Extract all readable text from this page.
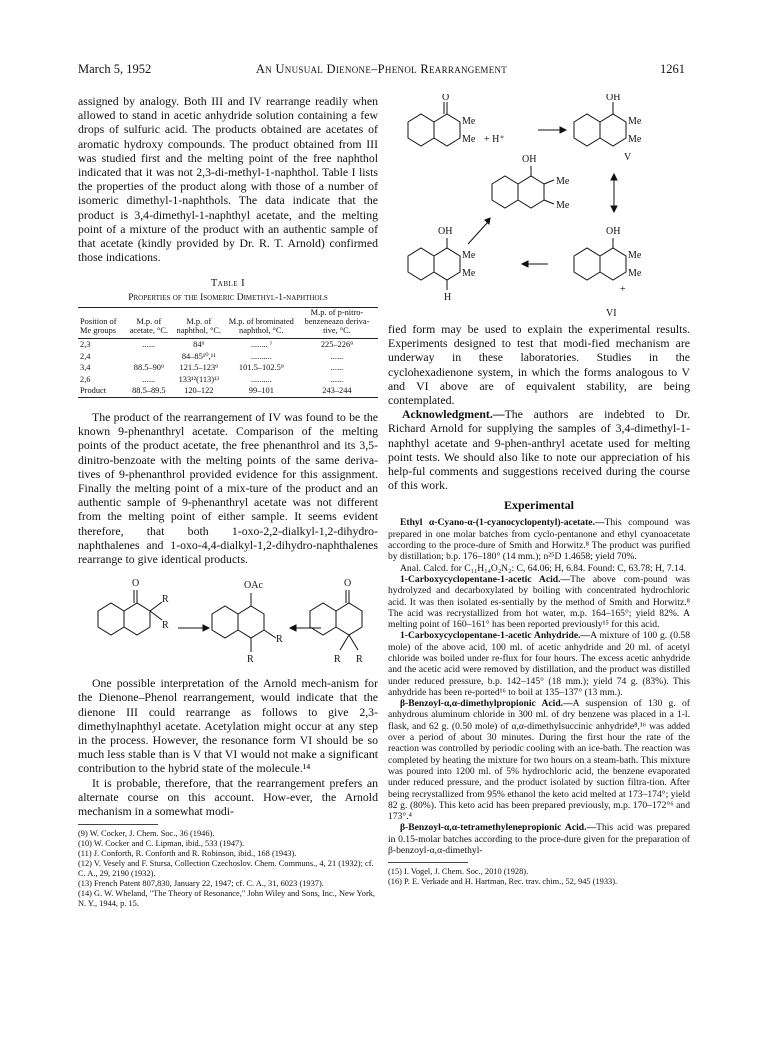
March 5, 1952	An Unusual Dienone–Phenol Rearrangement	1261

assigned by analogy. Both III and IV rearrange readily when allowed to stand in acetic anhydride solution containing a few drops of sulfuric acid. The products obtained are acetates of aromatic hydroxy compounds. The product obtained from III was studied first and the melting point of the free naphthol indicated that it was not 2,3-di-methyl-1-naphthol. Table I lists the properties of the product along with those of a number of isomeric dimethyl-1-naphthols. The data indicate that the product is 3,4-dimethyl-1-naphthyl acetate, and the melting point of a mixture of the product with an authentic sample of that acetate (kindly provided by Dr. R. T. Arnold) confirmed those indications.

Table I
Properties of the Isomeric Dimethyl-1-naphthols
Position of Me groups	M.p. of acetate, °C.	M.p. of naphthol, °C.	M.p. of brominated naphthol, °C.	M.p. of p-nitro-benzeneazo deriva-tive, °C.
2,3	......	84⁹	........ ⁾	225–226⁹
2,4		84–85¹⁰,¹¹	..........	......
3,4	88.5–90⁹	121.5–123⁹	101.5–102.5⁹	......
2,6	......	133¹²(113)¹³	..........	......
Product	88.5–89.5	120–122	99–101	243–244

The product of the rearrangement of IV was found to be the known 9-phenanthryl acetate. Comparison of the melting points of the product acetate, the free phenanthrol and its 3,5-dinitro-benzoate with the melting points of the same deriva-tives of 9-phenanthrol provided evidence for this assignment. Finally the melting point of a mix-ture of the product and an authentic sample of 9-phenanthryl acetate was not different from the melting point of either sample. It seems evident therefore, that both 1-oxo-2,2-dialkyl-1,2-dihydro-naphthalenes and 1-oxo-4,4-dialkyl-1,2-dihydro-naphthalenes rearrange to give identical products.

O
R
R
OAc
R
R
O
R R

One possible interpretation of the Arnold mech-anism for the Dienone–Phenol rearrangement, would indicate that the dienone III could rearrange as follows to give 2,3-dimethylnaphthyl acetate. Acetylation might occur at any step in the process. However, the resonance form VI should be so much less stable than is V that VI would not make a significant contribution to the hybrid state of the molecule.¹⁴

It is probable, therefore, that the rearrangement prefers an alternate course on this account. How-ever, the Arnold mechanism in a somewhat modi-

(9) W. Cocker, J. Chem. Soc., 36 (1946).

(10) W. Cocker and C. Lipman, ibid., 533 (1947).

(11) J. Conforth, R. Conforth and R. Robinson, ibid., 168 (1943).

(12) V. Vesely and F. Stursa, Collection Czechoslov. Chem. Communs., 4, 21 (1932); cf. C. A., 29, 2190 (1932).

(13) French Patent 807,830, January 22, 1947; cf. C. A., 31, 6023 (1937).

(14) G. W. Wheland, "The Theory of Resonance," John Wiley and Sons, Inc., New York, N. Y., 1944, p. 15.

O
Me
Me + H⁺
OH
Me
Me
V
OH
Me
Me
OH
Me
Me
H
OH
Me
Me
+
VI

fied form may be used to explain the experimental results. Experiments designed to test that modi-fied mechanism are underway in these laboratories. Studies in the cyclohexadienone system, in which the forms analogous to V and VI above are of equivalent stability, are being contemplated.

Acknowledgment.—The authors are indebted to Dr. Richard Arnold for supplying the samples of 3,4-dimethyl-1-naphthyl acetate and 9-phen-anthryl acetate used for melting point tests. We should also like to note our appreciation of his help-ful comments and suggestions received during the course of this work.

Experimental

Ethyl α-Cyano-α-(1-cyanocyclopentyl)-acetate.—This compound was prepared in one molar batches from cyclo-pentanone and ethyl cyanoacetate according to the proce-dure of Smith and Horwitz.⁸ The product was purified by distillation; b.p. 176–180° (14 mm.); n²⁵D 1.4658; yield 70%.

Anal. Calcd. for C₁₁H₁₄O₂N₂: C, 64.06; H, 6.84. Found: C, 63.78; H, 7.14.

1-Carboxycyclopentane-1-acetic Acid.—The above com-pound was hydrolyzed and decarboxylated by boiling with concentrated hydrochloric acid. It was then isolated es-sentially by the method of Smith and Horwitz.⁸ The acid was recrystallized from hot water, m.p. 164–165°; yield 82%. A melting point of 160–161° has been reported previously¹⁵ for this acid.

1-Carboxycyclopentane-1-acetic Anhydride.—A mixture of 100 g. (0.58 mole) of the above acid, 100 ml. of acetic anhydride and 20 ml. of acetyl chloride was boiled under re-flux for four hours. The excess acetic anhydride and the acetic acid were removed by distillation, and the product was distilled under reduced pressure, b.p. 142–145° (18 mm.); yield 74 g. (83%). This anhydride has been re-ported¹⁶ to boil at 135–137° (13 mm.).

β-Benzoyl-α,α-dimethylpropionic Acid.—A suspension of 130 g. of anhydrous aluminum chloride in 300 ml. of dry benzene was placed in a 1-l. flask, and 62 g. (0.50 mole) of α,α-dimethylsuccinic anhydride⁸,¹⁶ was added over a period of about 30 minutes. During the first hour the rate of the reaction was controlled by periodic cooling with an ice-bath. The reaction was completed by heating the mixture for two hours on a steam-bath. This mixture was poured into 1200 ml. of 5% hydrochloric acid, the benzene evaporated under reduced pressure, and the product isolated by suction filtra-tion. After being recrystallized from 95% ethanol the keto acid melted at 173–174°; yield 82 g. (80%). This keto acid has been prepared previously, m.p. 170–172°⁶ and 173°.⁴

β-Benzoyl-α,α-tetramethylenepropionic Acid.—This acid was prepared in 0.15-molar batches according to the proce-dure given for the preparation of β-benzoyl-α,α-dimethyl-

(15) I. Vogel, J. Chem. Soc., 2010 (1928).

(16) P. E. Verkade and H. Hartman, Rec. trav. chim., 52, 945 (1933).
